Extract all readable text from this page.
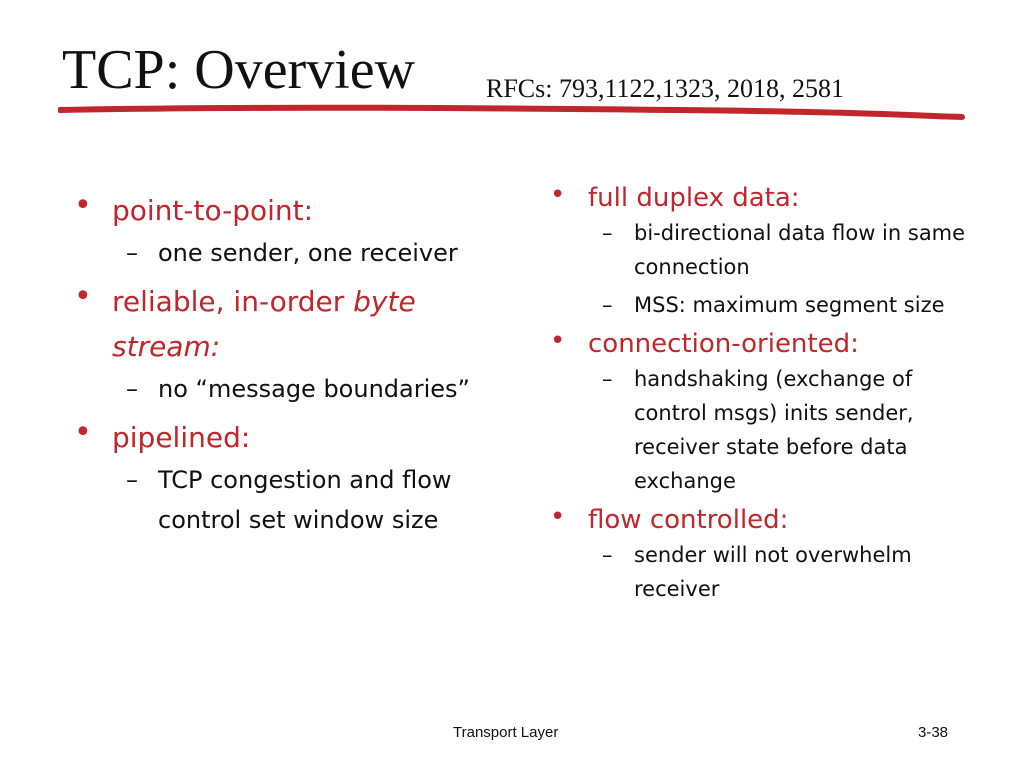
TCP: Overview	RFCs: 793,1122,1323, 2018, 2581
• point-to-point:
– one sender, one receiver
• reliable, in-order byte stream:
– no “message boundaries”
• pipelined:
– TCP congestion and flow control set window size
• full duplex data:
– bi-directional data flow in same connection
– MSS: maximum segment size
• connection-oriented:
– handshaking (exchange of control msgs) inits sender, receiver state before data exchange
• flow controlled:
– sender will not overwhelm receiver
Transport Layer	3-38
